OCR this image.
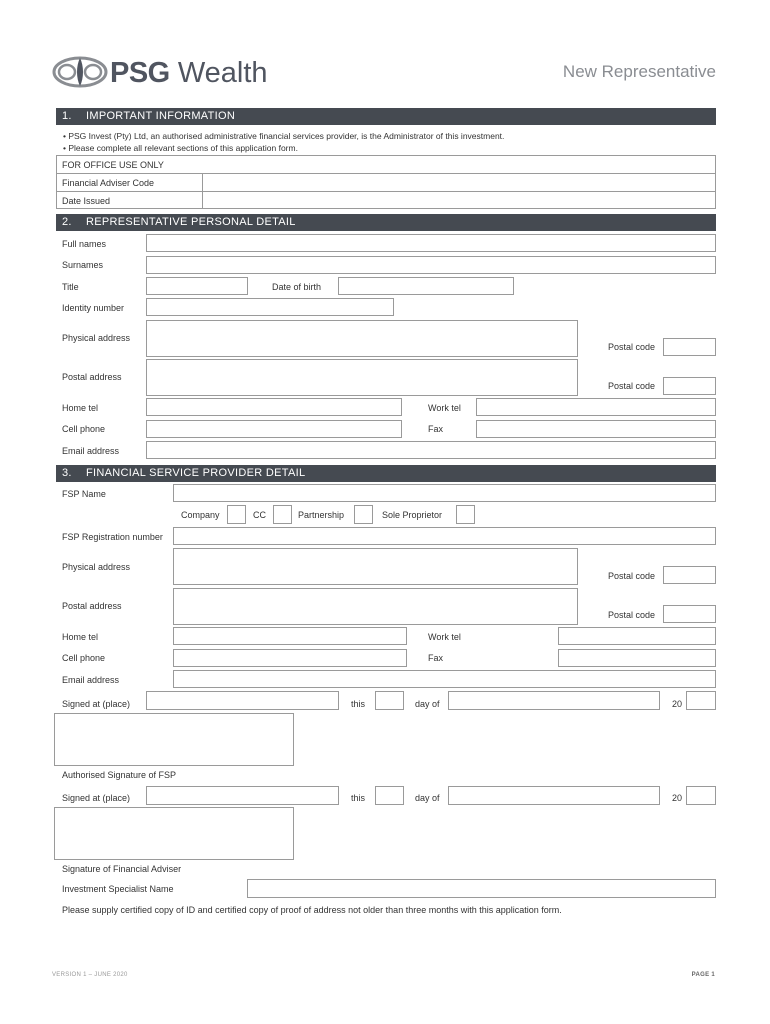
PSG Wealth	New Representative
1. IMPORTANT INFORMATION
• PSG Invest (Pty) Ltd, an authorised administrative financial services provider, is the Administrator of this investment.
• Please complete all relevant sections of this application form.
FOR OFFICE USE ONLY
Financial Adviser Code
Date Issued
2. REPRESENTATIVE PERSONAL DETAIL
Full names
Surnames
Title	Date of birth
Identity number
Physical address
Postal code
Postal address
Postal code
Home tel	Work tel
Cell phone	Fax
Email address
3. FINANCIAL SERVICE PROVIDER DETAIL
FSP Name
Company	CC	Partnership	Sole Proprietor
FSP Registration number
Physical address
Postal code
Postal address
Postal code
Home tel	Work tel
Cell phone	Fax
Email address
Signed at (place)	this	day of	20
Authorised Signature of FSP
Signed at (place)	this	day of	20
Signature of Financial Adviser
Investment Specialist Name
Please supply certified copy of ID and certified copy of proof of address not older than three months with this application form.
VERSION 1 – JUNE 2020	PAGE 1
